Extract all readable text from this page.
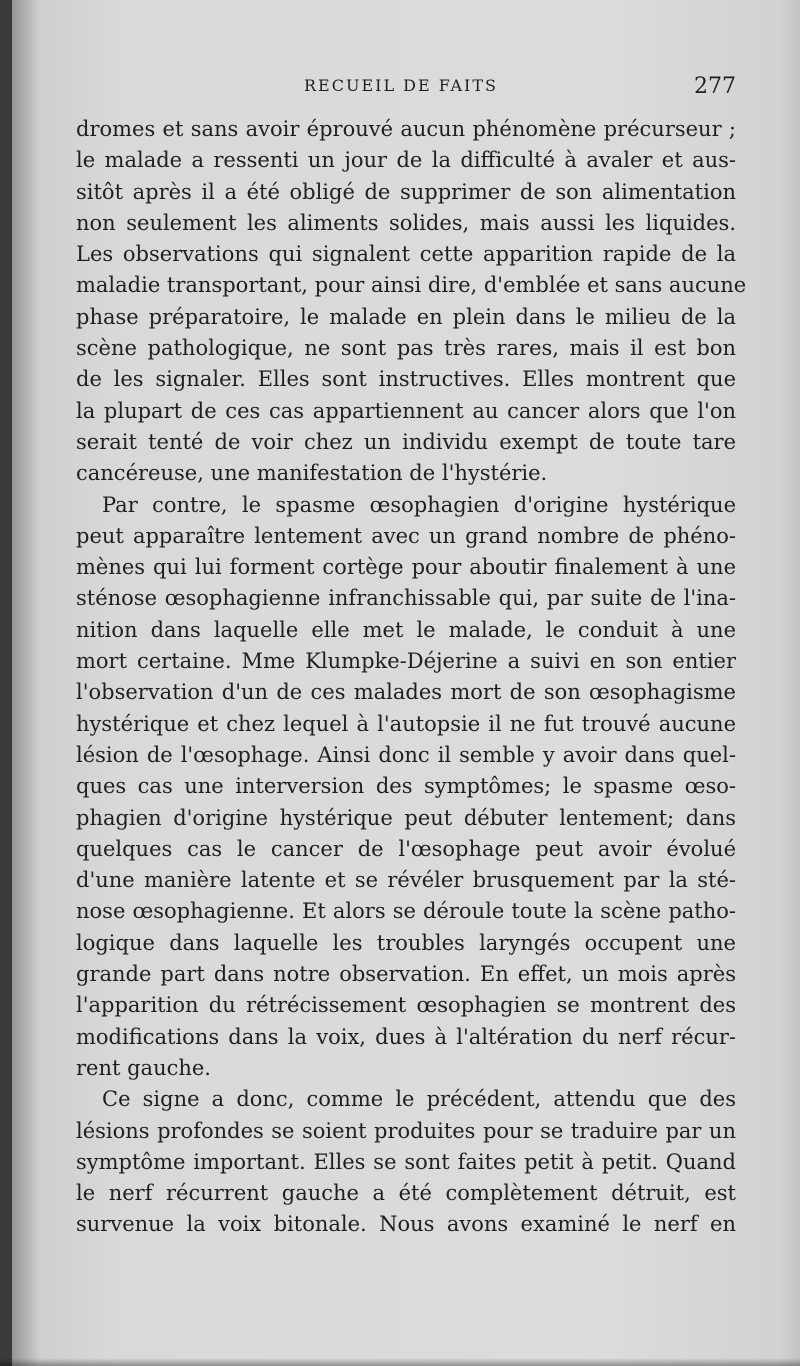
RECUEIL DE FAITS	277
dromes et sans avoir éprouvé aucun phénomène précurseur ;
le malade a ressenti un jour de la difficulté à avaler et aus-
sitôt après il a été obligé de supprimer de son alimentation
non seulement les aliments solides, mais aussi les liquides.
Les observations qui signalent cette apparition rapide de la
maladie transportant, pour ainsi dire, d'emblée et sans aucune
phase préparatoire, le malade en plein dans le milieu de la
scène pathologique, ne sont pas très rares, mais il est bon
de les signaler. Elles sont instructives. Elles montrent que
la plupart de ces cas appartiennent au cancer alors que l'on
serait tenté de voir chez un individu exempt de toute tare
cancéreuse, une manifestation de l'hystérie.
Par contre, le spasme œsophagien d'origine hystérique
peut apparaître lentement avec un grand nombre de phéno-
mènes qui lui forment cortège pour aboutir finalement à une
sténose œsophagienne infranchissable qui, par suite de l'ina-
nition dans laquelle elle met le malade, le conduit à une
mort certaine. Mme Klumpke-Déjerine a suivi en son entier
l'observation d'un de ces malades mort de son œsophagisme
hystérique et chez lequel à l'autopsie il ne fut trouvé aucune
lésion de l'œsophage. Ainsi donc il semble y avoir dans quel-
ques cas une interversion des symptômes; le spasme œso-
phagien d'origine hystérique peut débuter lentement; dans
quelques cas le cancer de l'œsophage peut avoir évolué
d'une manière latente et se révéler brusquement par la sté-
nose œsophagienne. Et alors se déroule toute la scène patho-
logique dans laquelle les troubles laryngés occupent une
grande part dans notre observation. En effet, un mois après
l'apparition du rétrécissement œsophagien se montrent des
modifications dans la voix, dues à l'altération du nerf récur-
rent gauche.
Ce signe a donc, comme le précédent, attendu que des
lésions profondes se soient produites pour se traduire par un
symptôme important. Elles se sont faites petit à petit. Quand
le nerf récurrent gauche a été complètement détruit, est
survenue la voix bitonale. Nous avons examiné le nerf en
